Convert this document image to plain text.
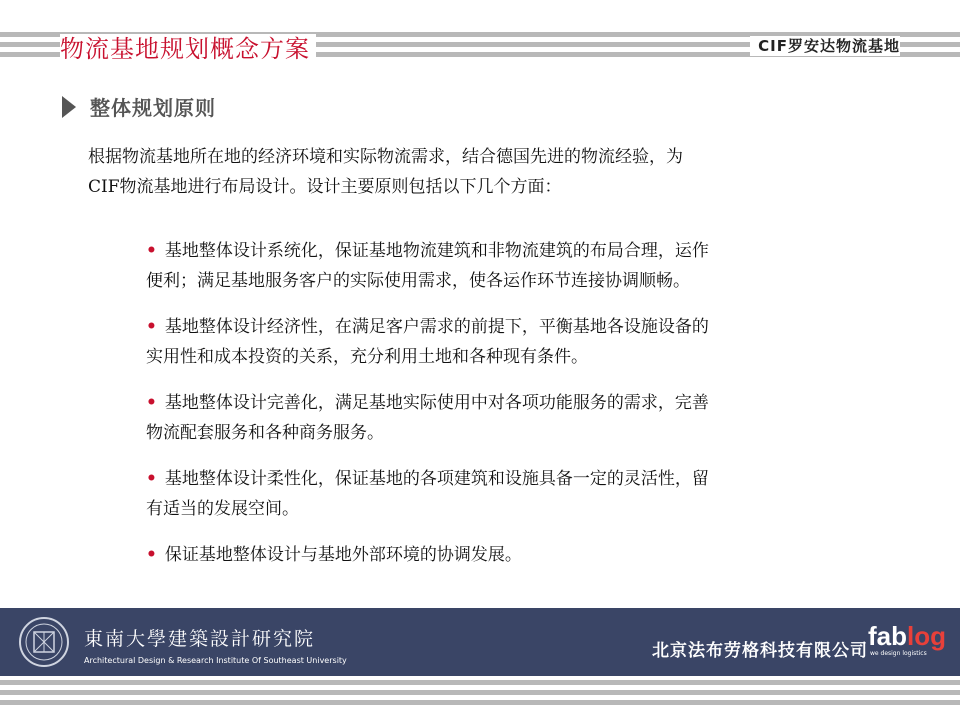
物流基地规划概念方案	CIF罗安达物流基地
整体规划原则

根据物流基地所在地的经济环境和实际物流需求，结合德国先进的物流经验，为

CIF物流基地进行布局设计。设计主要原则包括以下几个方面：

• 基地整体设计系统化，保证基地物流建筑和非物流建筑的布局合理，运作
便利；满足基地服务客户的实际使用需求，使各运作环节连接协调顺畅。
• 基地整体设计经济性，在满足客户需求的前提下，平衡基地各设施设备的
实用性和成本投资的关系，充分利用土地和各种现有条件。
• 基地整体设计完善化，满足基地实际使用中对各项功能服务的需求，完善
物流配套服务和各种商务服务。
• 基地整体设计柔性化，保证基地的各项建筑和设施具备一定的灵活性，留
有适当的发展空间。
• 保证基地整体设计与基地外部环境的协调发展。
東南大學建築設計研究院
Architectural Design & Research Institute Of Southeast University	北京法布劳格科技有限公司 fablog
we design logistics
